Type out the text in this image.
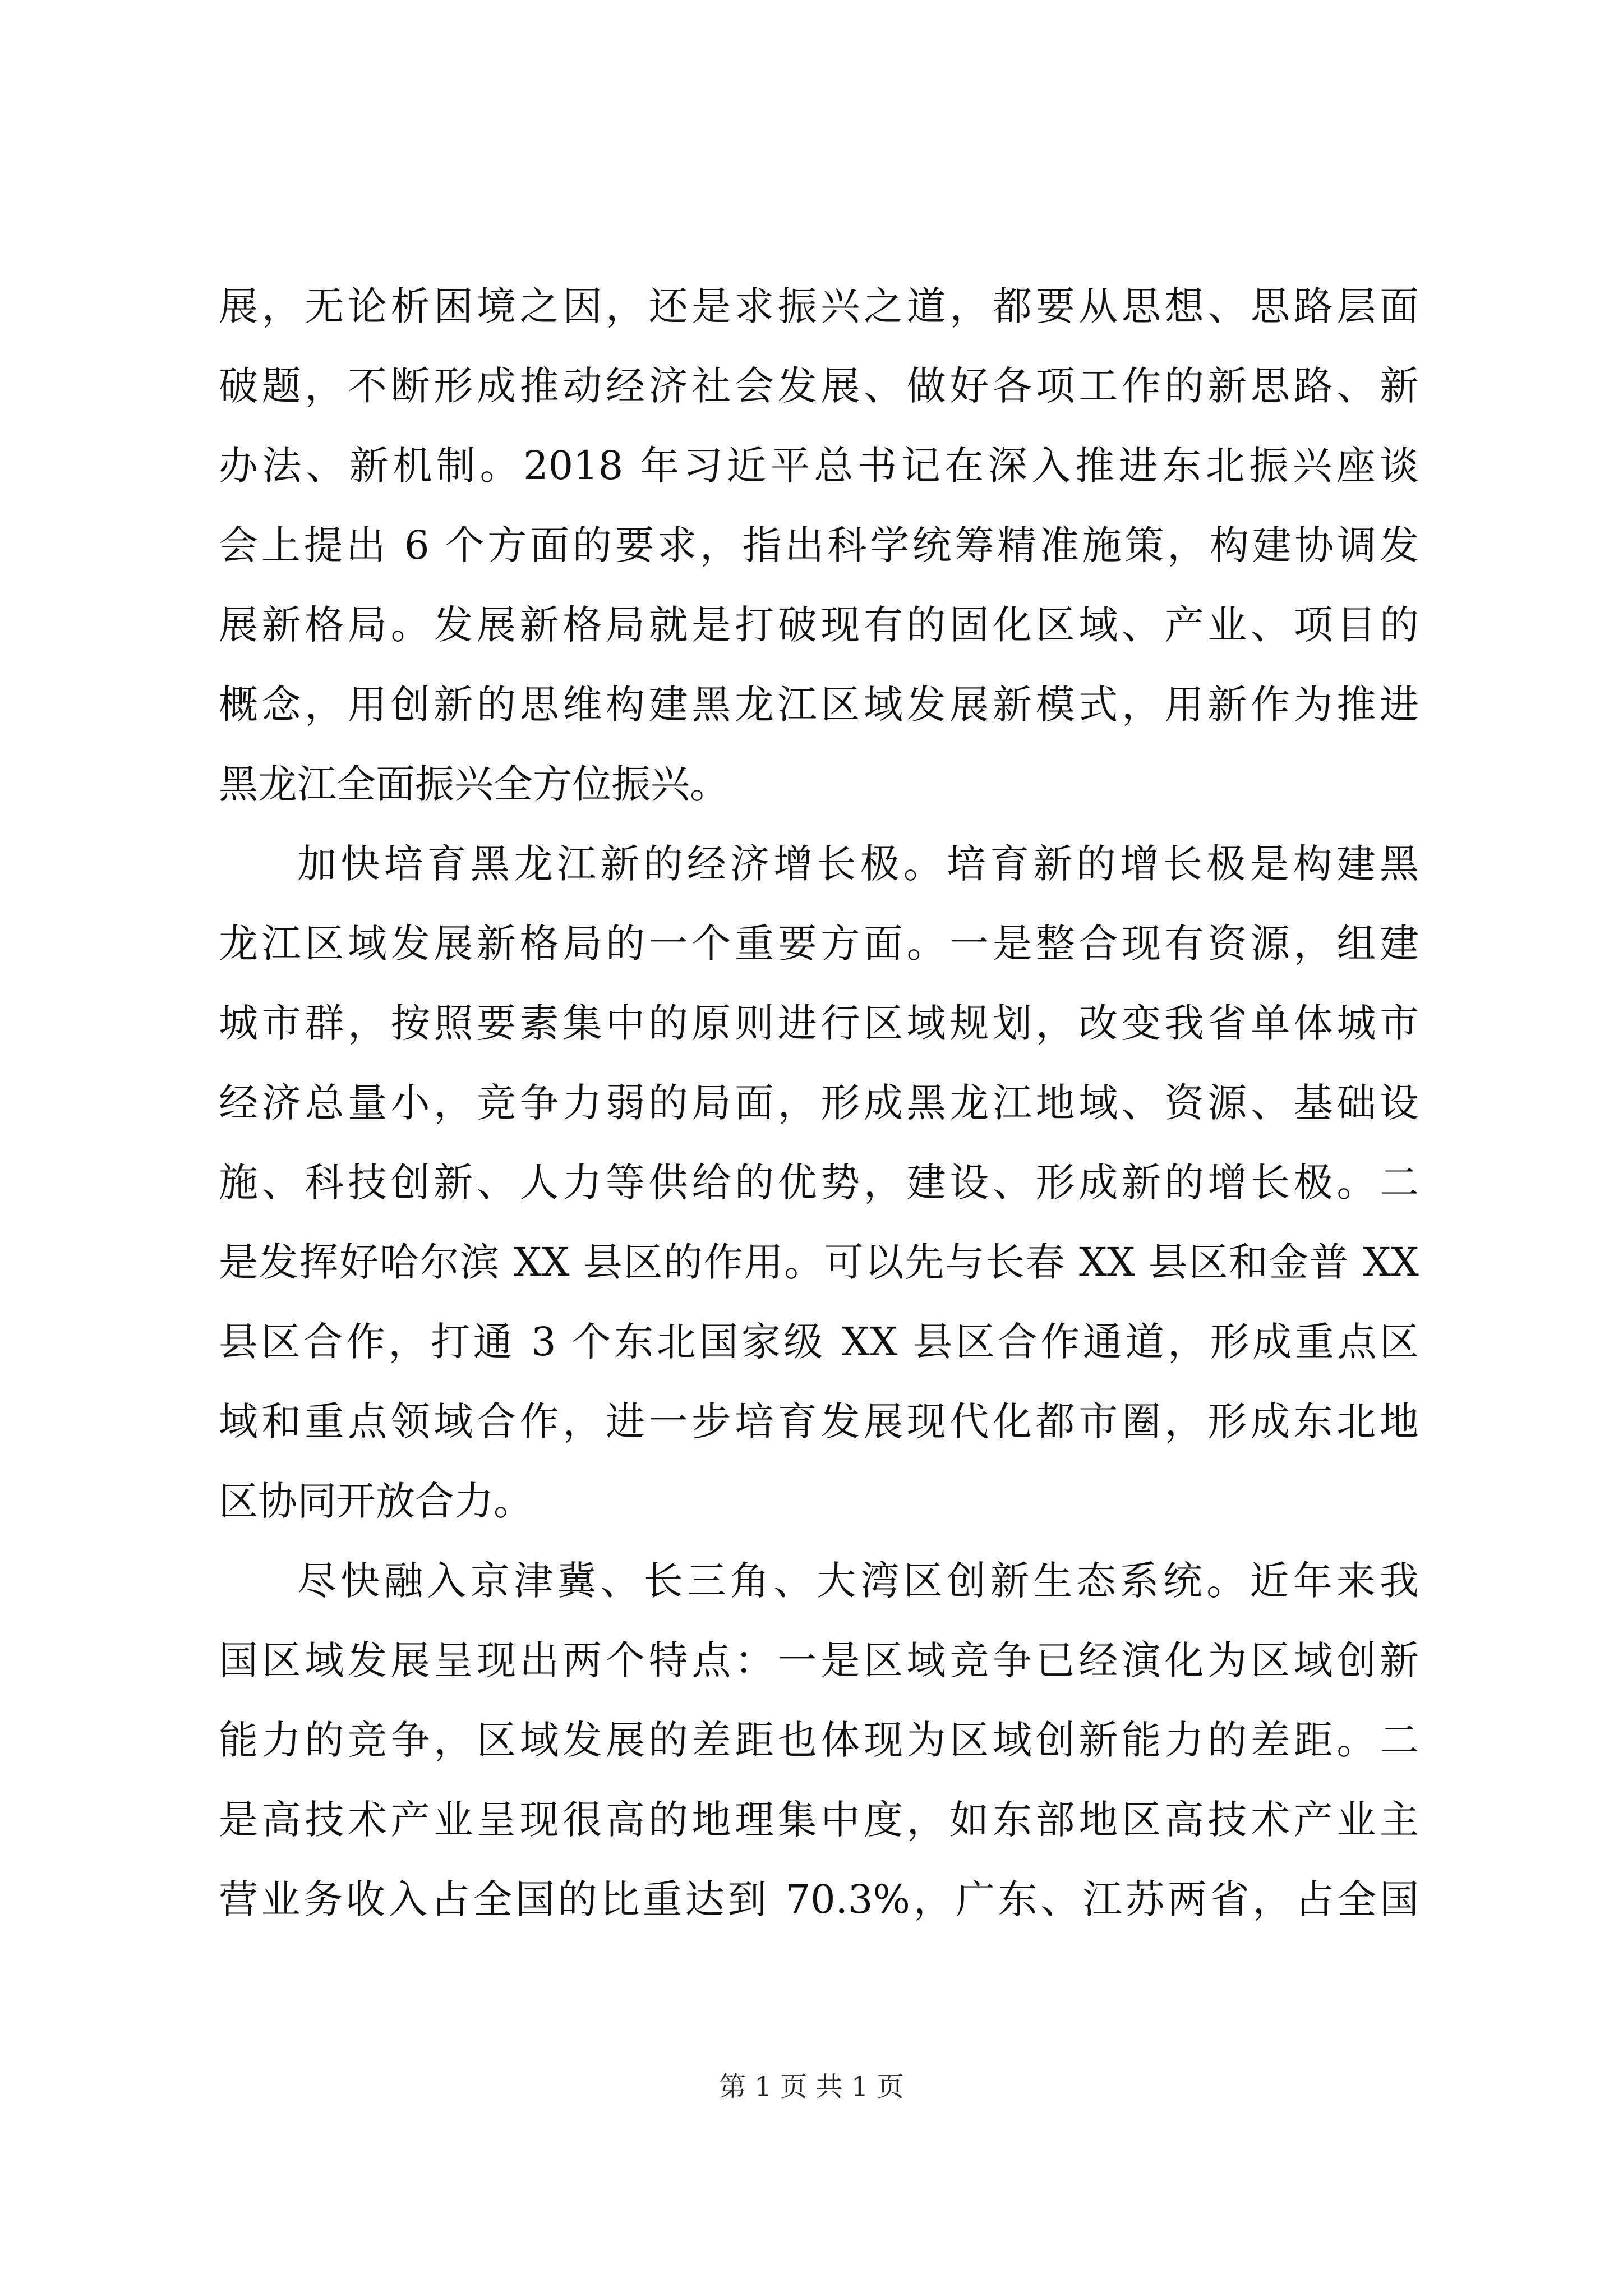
展，无论析困境之因，还是求振兴之道，都要从思想、思路层面
破题，不断形成推动经济社会发展、做好各项工作的新思路、新
办法、新机制。2018 年习近平总书记在深入推进东北振兴座谈
会上提出 6 个方面的要求，指出科学统筹精准施策，构建协调发
展新格局。发展新格局就是打破现有的固化区域、产业、项目的
概念，用创新的思维构建黑龙江区域发展新模式，用新作为推进
黑龙江全面振兴全方位振兴。
加快培育黑龙江新的经济增长极。培育新的增长极是构建黑
龙江区域发展新格局的一个重要方面。一是整合现有资源，组建
城市群，按照要素集中的原则进行区域规划，改变我省单体城市
经济总量小，竞争力弱的局面，形成黑龙江地域、资源、基础设
施、科技创新、人力等供给的优势，建设、形成新的增长极。二
是发挥好哈尔滨 XX 县区的作用。可以先与长春 XX 县区和金普 XX
县区合作，打通 3 个东北国家级 XX 县区合作通道，形成重点区
域和重点领域合作，进一步培育发展现代化都市圈，形成东北地
区协同开放合力。
尽快融入京津冀、长三角、大湾区创新生态系统。近年来我
国区域发展呈现出两个特点：一是区域竞争已经演化为区域创新
能力的竞争，区域发展的差距也体现为区域创新能力的差距。二
是高技术产业呈现很高的地理集中度，如东部地区高技术产业主
营业务收入占全国的比重达到 70.3%，广东、江苏两省，占全国
第 1 页 共 1 页
